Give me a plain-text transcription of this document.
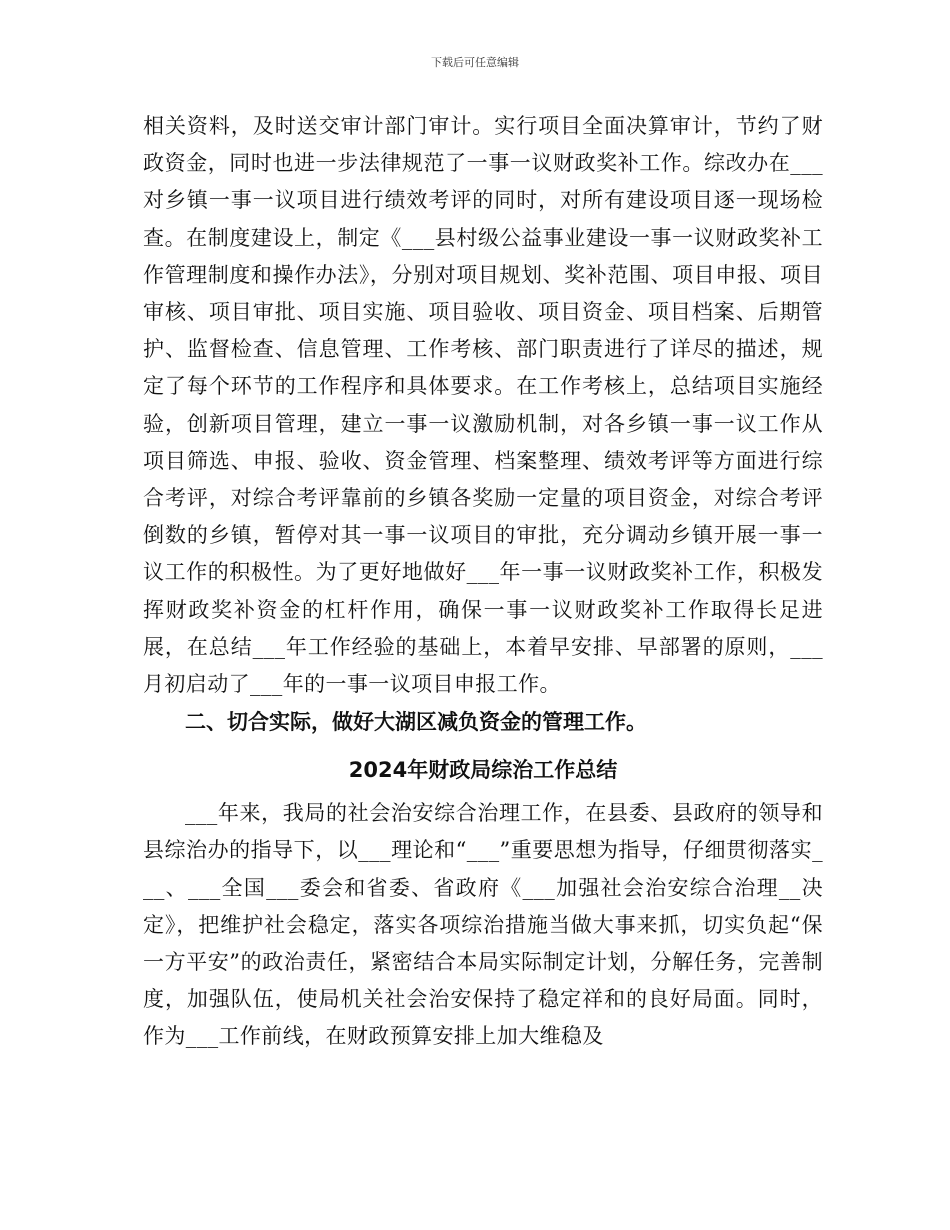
下载后可任意编辑

相关资料，及时送交审计部门审计。实行项目全面决算审计，节约了财政资金，同时也进一步法律规范了一事一议财政奖补工作。综改办在___对乡镇一事一议项目进行绩效考评的同时，对所有建设项目逐一现场检查。在制度建设上，制定《___县村级公益事业建设一事一议财政奖补工作管理制度和操作办法》，分别对项目规划、奖补范围、项目申报、项目审核、项目审批、项目实施、项目验收、项目资金、项目档案、后期管护、监督检查、信息管理、工作考核、部门职责进行了详尽的描述，规定了每个环节的工作程序和具体要求。在工作考核上，总结项目实施经验，创新项目管理，建立一事一议激励机制，对各乡镇一事一议工作从项目筛选、申报、验收、资金管理、档案整理、绩效考评等方面进行综合考评，对综合考评靠前的乡镇各奖励一定量的项目资金，对综合考评倒数的乡镇，暂停对其一事一议项目的审批，充分调动乡镇开展一事一议工作的积极性。为了更好地做好___年一事一议财政奖补工作，积极发挥财政奖补资金的杠杆作用，确保一事一议财政奖补工作取得长足进展，在总结___年工作经验的基础上，本着早安排、早部署的原则，___月初启动了___年的一事一议项目申报工作。

二、切合实际，做好大湖区减负资金的管理工作。

2024年财政局综治工作总结

___年来，我局的社会治安综合治理工作，在县委、县政府的领导和县综治办的指导下，以___理论和“___”重要思想为指导，仔细贯彻落实___、___全国___委会和省委、省政府《___加强社会治安综合治理__决定》，把维护社会稳定，落实各项综治措施当做大事来抓，切实负起“保一方平安”的政治责任，紧密结合本局实际制定计划，分解任务，完善制度，加强队伍，使局机关社会治安保持了稳定祥和的良好局面。同时，作为___工作前线，在财政预算安排上加大维稳及
